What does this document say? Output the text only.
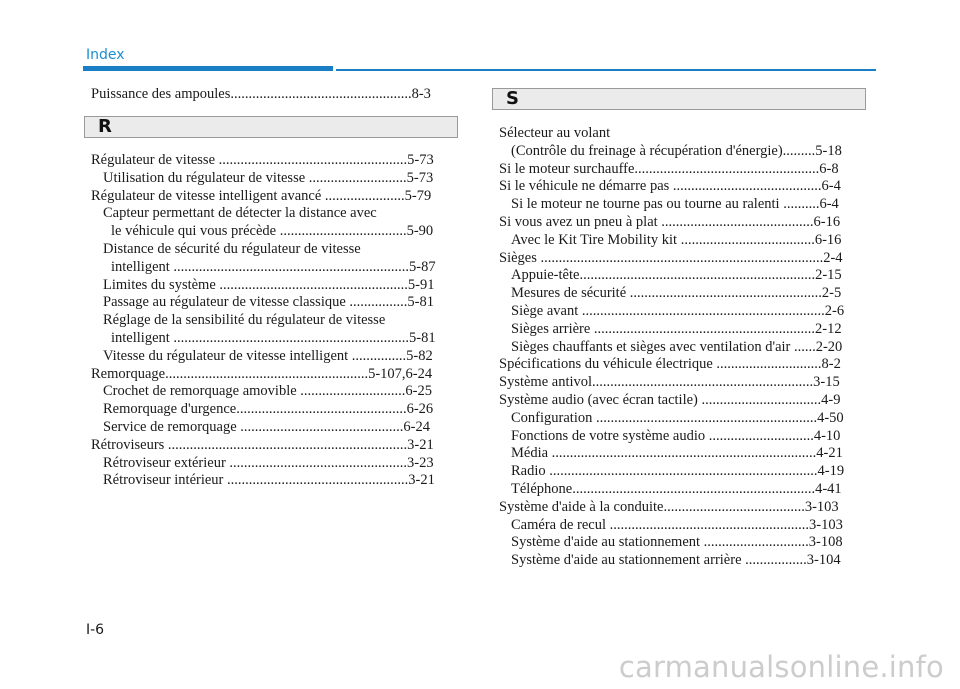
Index
Puissance des ampoules..................................................8-3
R
Régulateur de vitesse ....................................................5-73
Utilisation du régulateur de vitesse ...........................5-73
Régulateur de vitesse intelligent avancé ......................5-79
Capteur permettant de détecter la distance avec
le véhicule qui vous précède ...................................5-90
Distance de sécurité du régulateur de vitesse
intelligent .................................................................5-87
Limites du système ....................................................5-91
Passage au régulateur de vitesse classique ................5-81
Réglage de la sensibilité du régulateur de vitesse
intelligent .................................................................5-81
Vitesse du régulateur de vitesse intelligent ...............5-82
Remorquage........................................................5-107,6-24
Crochet de remorquage amovible .............................6-25
Remorquage d'urgence...............................................6-26
Service de remorquage .............................................6-24
Rétroviseurs ..................................................................3-21
Rétroviseur extérieur .................................................3-23
Rétroviseur intérieur ..................................................3-21
S
Sélecteur au volant
(Contrôle du freinage à récupération d'énergie).........5-18
Si le moteur surchauffe...................................................6-8
Si le véhicule ne démarre pas .........................................6-4
Si le moteur ne tourne pas ou tourne au ralenti ..........6-4
Si vous avez un pneu à plat ..........................................6-16
Avec le Kit Tire Mobility kit .....................................6-16
Sièges ..............................................................................2-4
Appuie-tête.................................................................2-15
Mesures de sécurité .....................................................2-5
Siège avant ...................................................................2-6
Sièges arrière .............................................................2-12
Sièges chauffants et sièges avec ventilation d'air ......2-20
Spécifications du véhicule électrique .............................8-2
Système antivol.............................................................3-15
Système audio (avec écran tactile) .................................4-9
Configuration .............................................................4-50
Fonctions de votre système audio .............................4-10
Média .........................................................................4-21
Radio ..........................................................................4-19
Téléphone...................................................................4-41
Système d'aide à la conduite.......................................3-103
Caméra de recul .......................................................3-103
Système d'aide au stationnement .............................3-108
Système d'aide au stationnement arrière .................3-104
I-6
carmanualsonline.info
